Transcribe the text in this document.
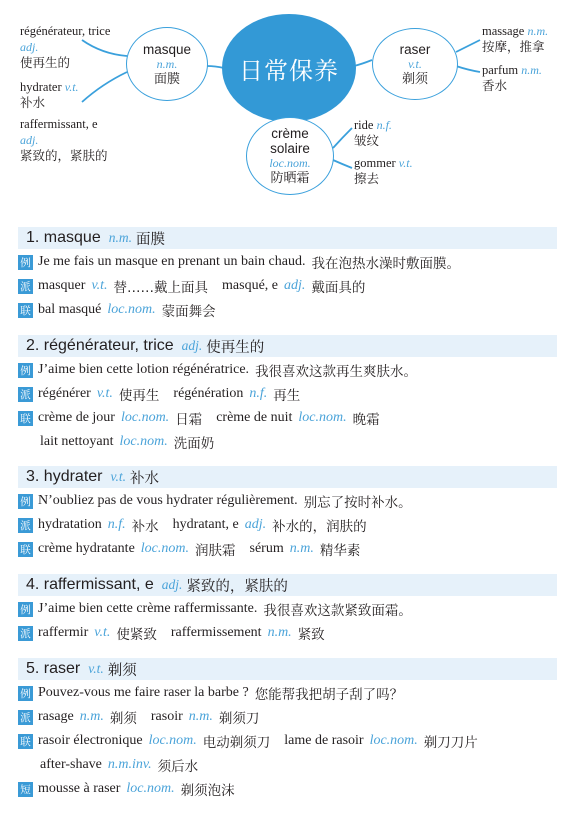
régénérateur, trice
adj.
使再生的
hydrater v.t.
补水
raffermissant, e
adj.
紧致的，紧肤的
masque
n.m.
面膜	日常保养
raser
v.t.
剃须
massage n.m.
按摩，推拿
parfum n.m.
香水
crème
solaire
loc.nom.
防晒霜
ride n.f.
皱纹
gommer v.t.
擦去
1. masque n.m. 面膜
例 Je me fais un masque en prenant un bain chaud. 我在泡热水澡时敷面膜。
派 masquer v.t. 替……戴上面具 masqué, e adj. 戴面具的
联 bal masqué loc.nom. 蒙面舞会
2. régénérateur, trice adj. 使再生的
例 J’aime bien cette lotion régénératrice. 我很喜欢这款再生爽肤水。
派 régénérer v.t. 使再生 régénération n.f. 再生
联 crème de jour loc.nom. 日霜 crème de nuit loc.nom. 晚霜
lait nettoyant loc.nom. 洗面奶
3. hydrater v.t. 补水
例 N’oubliez pas de vous hydrater régulièrement. 别忘了按时补水。
派 hydratation n.f. 补水 hydratant, e adj. 补水的，润肤的
联 crème hydratante loc.nom. 润肤霜 sérum n.m. 精华素
4. raffermissant, e adj. 紧致的，紧肤的
例 J’aime bien cette crème raffermissante. 我很喜欢这款紧致面霜。
派 raffermir v.t. 使紧致 raffermissement n.m. 紧致
5. raser v.t. 剃须
例 Pouvez-vous me faire raser la barbe ? 您能帮我把胡子刮了吗？
派 rasage n.m. 剃须 rasoir n.m. 剃须刀
联 rasoir électronique loc.nom. 电动剃须刀 lame de rasoir loc.nom. 剃刀刀片
after-shave n.m.inv. 须后水
短 mousse à raser loc.nom. 剃须泡沫
